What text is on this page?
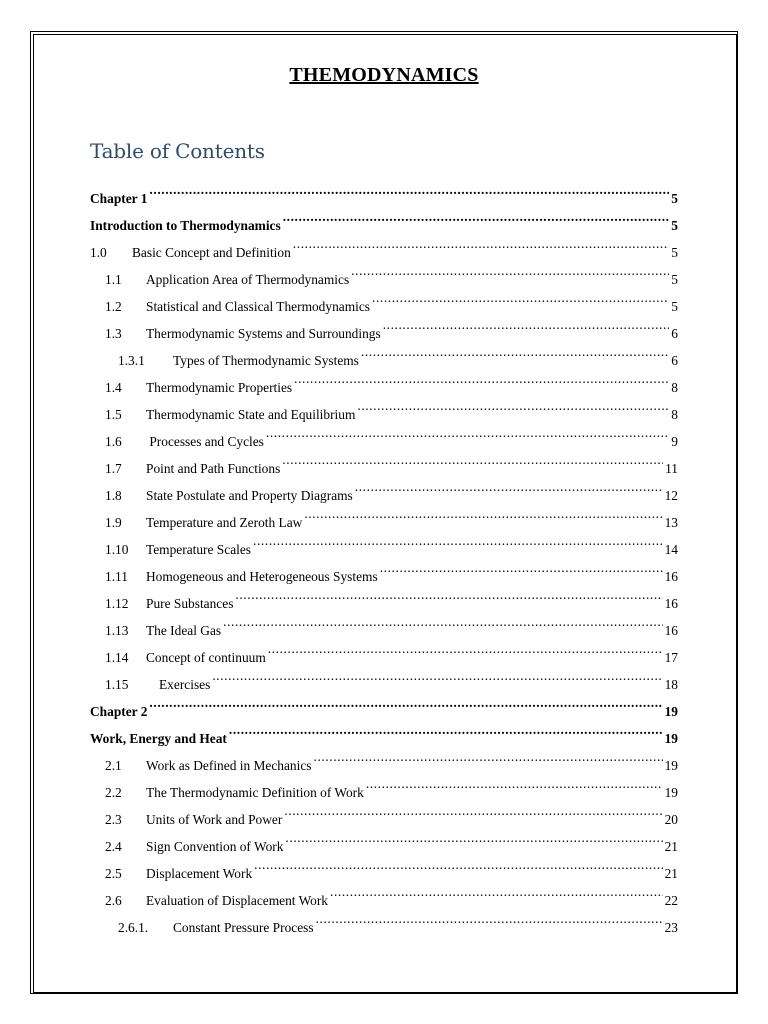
THEMODYNAMICS
Table of Contents
Chapter 1 .....	5
Introduction to Thermodynamics .....	5
1.0	Basic Concept and Definition .....	5
1.1	Application Area of Thermodynamics .....	5
1.2	Statistical and Classical Thermodynamics .....	5
1.3	Thermodynamic Systems and Surroundings .....	6
1.3.1	Types of Thermodynamic Systems .....	6
1.4	Thermodynamic Properties .....	8
1.5	Thermodynamic State and Equilibrium .....	8
1.6	Processes and Cycles .....	9
1.7	Point and Path Functions .....	11
1.8	State Postulate and Property Diagrams .....	12
1.9	Temperature and Zeroth Law .....	13
1.10	Temperature Scales .....	14
1.11	Homogeneous and Heterogeneous Systems .....	16
1.12	Pure Substances .....	16
1.13	The Ideal Gas .....	16
1.14	Concept of continuum .....	17
1.15	Exercises .....	18
Chapter 2 .....	19
Work, Energy and Heat .....	19
2.1	Work as Defined in Mechanics .....	19
2.2	The Thermodynamic Definition of Work .....	19
2.3	Units of Work and Power .....	20
2.4	Sign Convention of Work .....	21
2.5	Displacement Work .....	21
2.6	Evaluation of Displacement Work .....	22
2.6.1.	Constant Pressure Process .....	23
